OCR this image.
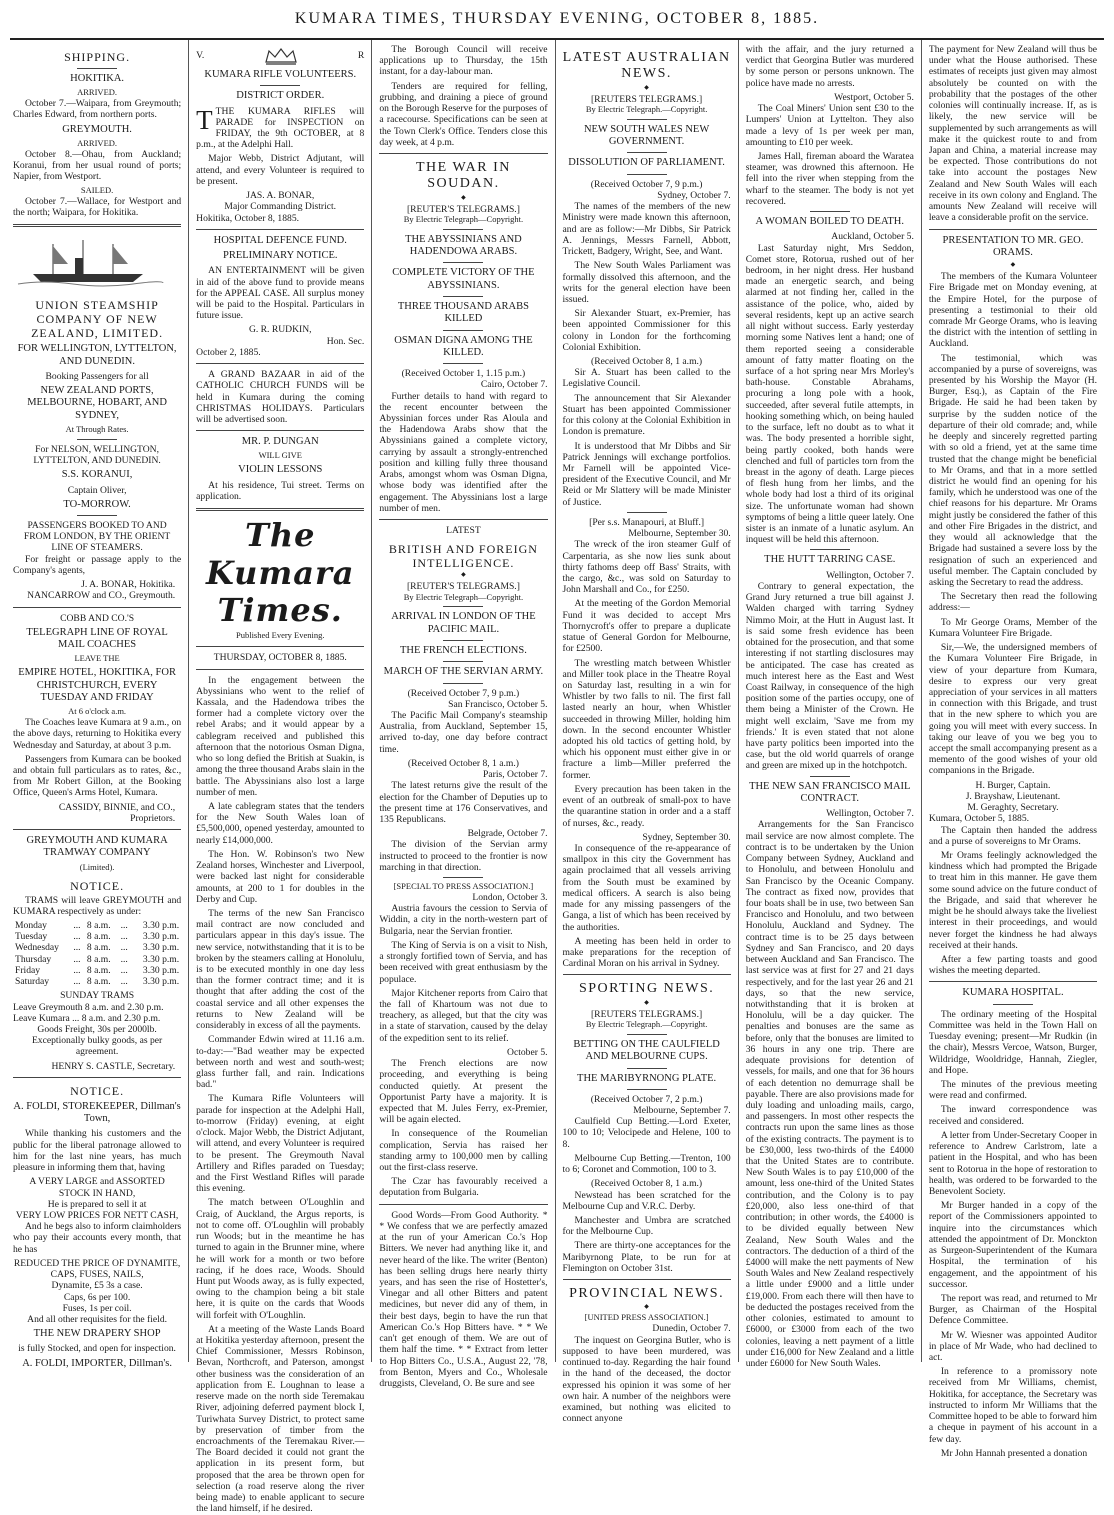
KUMARA TIMES, THURSDAY EVENING, OCTOBER 8, 1885.
SHIPPING.
HOKITIKA.
ARRIVED.

October 7.—Waipara, from Greymouth; Charles Edward, from northern ports.

GREYMOUTH.
ARRIVED.

October 8.—Ohau, from Auckland; Koranui, from her usual round of ports; Napier, from Westport.

SAILED.

October 7.—Wallace, for Westport and the north; Waipara, for Hokitika.

UNION STEAMSHIP COMPANY OF NEW ZEALAND, LIMITED.
FOR WELLINGTON, LYTTELTON, AND DUNEDIN.
Booking Passengers for all
NEW ZEALAND PORTS, MELBOURNE, HOBART, AND SYDNEY,
At Through Rates.
For NELSON, WELLINGTON, LYTTELTON, AND DUNEDIN.
S.S. KORANUI,
Captain Oliver,
TO-MORROW.
PASSENGERS BOOKED TO AND FROM LONDON, BY THE ORIENT LINE OF STEAMERS.

For freight or passage apply to the Company's agents,

J. A. BONAR, Hokitika.
NANCARROW and CO., Greymouth.
COBB AND CO.'S
TELEGRAPH LINE OF ROYAL MAIL COACHES
LEAVE THE
EMPIRE HOTEL, HOKITIKA, FOR CHRISTCHURCH, EVERY TUESDAY AND FRIDAY
At 6 o'clock a.m.

The Coaches leave Kumara at 9 a.m., on the above days, returning to Hokitika every Wednesday and Saturday, at about 3 p.m.

Passengers from Kumara can be booked and obtain full particulars as to rates, &c., from Mr Robert Gillon, at the Booking Office, Queen's Arms Hotel, Kumara.

CASSIDY, BINNIE, and CO., Proprietors.
GREYMOUTH AND KUMARA TRAMWAY COMPANY
(Limited).
NOTICE.

TRAMS will leave GREYMOUTH and KUMARA respectively as under:

Monday	...	8 a.m.	...	3.30 p.m.
Tuesday	...	8 a.m.	...	3.30 p.m.
Wednesday	...	8 a.m.	...	3.30 p.m.
Thursday	...	8 a.m.	...	3.30 p.m.
Friday	...	8 a.m.	...	3.30 p.m.
Saturday	...	8 a.m.	...	3.30 p.m.
SUNDAY TRAMS
Leave Greymouth 8 a.m. and 2.30 p.m.
Leave Kumara ... 8 a.m. and 2.30 p.m.

Goods Freight, 30s per 2000lb. Exceptionally bulky goods, as per agreement.

HENRY S. CASTLE, Secretary.
NOTICE.
A. FOLDI, STOREKEEPER, Dillman's Town,

While thanking his customers and the public for the liberal patronage allowed to him for the last nine years, has much pleasure in informing them that, having

A VERY LARGE and ASSORTED STOCK IN HAND,
He is prepared to sell it at
VERY LOW PRICES FOR NETT CASH,

And he begs also to inform claimholders who pay their accounts every month, that he has

REDUCED THE PRICE OF DYNAMITE, CAPS, FUSES, NAILS,
Dynamite, £5 3s a case.
Caps, 6s per 100.
Fuses, 1s per coil.
And all other requisites for the field.
THE NEW DRAPERY SHOP
is fully Stocked, and open for inspection.
A. FOLDI, IMPORTER, Dillman's.
V.	R
KUMARA RIFLE VOLUNTEERS.
DISTRICT ORDER.

TTHE KUMARA RIFLES will PARADE for INSPECTION on FRIDAY, the 9th OCTOBER, at 8 p.m., at the Adelphi Hall.

Major Webb, District Adjutant, will attend, and every Volunteer is required to be present.

JAS. A. BONAR,
Major Commanding District.
Hokitika, October 8, 1885.
HOSPITAL DEFENCE FUND.
PRELIMINARY NOTICE.

AN ENTERTAINMENT will be given in aid of the above fund to provide means for the APPEAL CASE. All surplus money will be paid to the Hospital. Particulars in future issue.

G. R. RUDKIN,
Hon. Sec.
October 2, 1885.

A GRAND BAZAAR in aid of the CATHOLIC CHURCH FUNDS will be held in Kumara during the coming CHRISTMAS HOLIDAYS. Particulars will be advertised soon.

MR. P. DUNGAN
WILL GIVE
VIOLIN LESSONS

At his residence, Tui street. Terms on application.

The Kumara Times.
Published Every Evening.
THURSDAY, OCTOBER 8, 1885.

In the engagement between the Abyssinians who went to the relief of Kassala, and the Hadendowa tribes the former had a complete victory over the rebel Arabs; and it would appear by a cablegram received and published this afternoon that the notorious Osman Digna, who so long defied the British at Suakin, is among the three thousand Arabs slain in the battle. The Abyssinians also lost a large number of men.

A late cablegram states that the tenders for the New South Wales loan of £5,500,000, opened yesterday, amounted to nearly £14,000,000.

The Hon. W. Robinson's two New Zealand horses, Winchester and Liverpool, were backed last night for considerable amounts, at 200 to 1 for doubles in the Derby and Cup.

The terms of the new San Francisco mail contract are now concluded and particulars appear in this day's issue. The new service, notwithstanding that it is to be broken by the steamers calling at Honolulu, is to be executed monthly in one day less than the former contract time; and it is thought that after adding the cost of the coastal service and all other expenses the returns to New Zealand will be considerably in excess of all the payments.

Commander Edwin wired at 11.16 a.m. to-day:—"Bad weather may be expected between north and west and south-west; glass further fall, and rain. Indications bad."

The Kumara Rifle Volunteers will parade for inspection at the Adelphi Hall, to-morrow (Friday) evening, at eight o'clock. Major Webb, the District Adjutant, will attend, and every Volunteer is required to be present. The Greymouth Naval Artillery and Rifles paraded on Tuesday; and the First Westland Rifles will parade this evening.

The match between O'Loughlin and Craig, of Auckland, the Argus reports, is not to come off. O'Loughlin will probably run Woods; but in the meantime he has turned to again in the Brunner mine, where he will work for a month or two before racing, if he does race, Woods. Should Hunt put Woods away, as is fully expected, owing to the champion being a bit stale here, it is quite on the cards that Woods will forfeit with O'Loughlin.

At a meeting of the Waste Lands Board at Hokitika yesterday afternoon, present the Chief Commissioner, Messrs Robinson, Bevan, Northcroft, and Paterson, amongst other business was the consideration of an application from E. Loughnan to lease a reserve made on the north side Teremakau River, adjoining deferred payment block I, Turiwhata Survey District, to protect same by preservation of timber from the encroachments of the Teremakau River.—The Board decided it could not grant the application in its present form, but proposed that the area be thrown open for selection (a road reserve along the river being made) to enable applicant to secure the land himself, if he desired.

The Borough Council will receive applications up to Thursday, the 15th instant, for a day-labour man.

Tenders are required for felling, grubbing, and draining a piece of ground on the Borough Reserve for the purposes of a racecourse. Specifications can be seen at the Town Clerk's Office. Tenders close this day week, at 4 p.m.

THE WAR IN SOUDAN.
◆
[REUTER'S TELEGRAMS.]
By Electric Telegraph—Copyright.
THE ABYSSINIANS AND HADENDOWA ARABS.
COMPLETE VICTORY OF THE ABYSSINIANS.
THREE THOUSAND ARABS KILLED
OSMAN DIGNA AMONG THE KILLED.
(Received October 1, 1.15 p.m.)
Cairo, October 7.

Further details to hand with regard to the recent encounter between the Abyssinian forces under Ras Aloula and the Hadendowa Arabs show that the Abyssinians gained a complete victory, carrying by assault a strongly-entrenched position and killing fully three thousand Arabs, amongst whom was Osman Digna, whose body was identified after the engagement. The Abyssinians lost a large number of men.

LATEST
BRITISH AND FOREIGN INTELLIGENCE.
◆
[REUTER'S TELEGRAMS.]
By Electric Telegraph—Copyright.
ARRIVAL IN LONDON OF THE PACIFIC MAIL.
THE FRENCH ELECTIONS.
MARCH OF THE SERVIAN ARMY.
(Received October 7, 9 p.m.)
San Francisco, October 5.

The Pacific Mail Company's steamship Australia, from Auckland, September 15, arrived to-day, one day before contract time.

(Received October 8, 1 a.m.)
Paris, October 7.

The latest returns give the result of the election for the Chamber of Deputies up to the present time at 176 Conservatives, and 135 Republicans.

Belgrade, October 7.

The division of the Servian army instructed to proceed to the frontier is now marching in that direction.

[SPECIAL TO PRESS ASSOCIATION.]
London, October 3.

Austria favours the cession to Servia of Widdin, a city in the north-western part of Bulgaria, near the Servian frontier.

The King of Servia is on a visit to Nish, a strongly fortified town of Servia, and has been received with great enthusiasm by the populace.

Major Kitchener reports from Cairo that the fall of Khartoum was not due to treachery, as alleged, but that the city was in a state of starvation, caused by the delay of the expedition sent to its relief.

October 5.

The French elections are now proceeding, and everything is being conducted quietly. At present the Opportunist Party have a majority. It is expected that M. Jules Ferry, ex-Premier, will be again elected.

In consequence of the Roumelian complication, Servia has raised her standing army to 100,000 men by calling out the first-class reserve.

The Czar has favourably received a deputation from Bulgaria.

Good Words—From Good Authority. * * We confess that we are perfectly amazed at the run of your American Co.'s Hop Bitters. We never had anything like it, and never heard of the like. The writer (Benton) has been selling drugs here nearly thirty years, and has seen the rise of Hostetter's, Vinegar and all other Bitters and patent medicines, but never did any of them, in their best days, begin to have the run that American Co.'s Hop Bitters have. * * We can't get enough of them. We are out of them half the time. * * Extract from letter to Hop Bitters Co., U.S.A., August 22, '78, from Benton, Myers and Co., Wholesale druggists, Cleveland, O. Be sure and see

LATEST AUSTRALIAN NEWS.
◆
[REUTERS TELEGRAMS.]
By Electric Telegraph.—Copyright.
NEW SOUTH WALES NEW GOVERNMENT.
DISSOLUTION OF PARLIAMENT.
(Received October 7, 9 p.m.)
Sydney, October 7.

The names of the members of the new Ministry were made known this afternoon, and are as follow:—Mr Dibbs, Sir Patrick A. Jennings, Messrs Farnell, Abbott, Trickett, Badgery, Wright, See, and Want.

The New South Wales Parliament was formally dissolved this afternoon, and the writs for the general election have been issued.

Sir Alexander Stuart, ex-Premier, has been appointed Commissioner for this colony in London for the forthcoming Colonial Exhibition.

(Received October 8, 1 a.m.)

Sir A. Stuart has been called to the Legislative Council.

The announcement that Sir Alexander Stuart has been appointed Commissioner for this colony at the Colonial Exhibition in London is premature.

It is understood that Mr Dibbs and Sir Patrick Jennings will exchange portfolios. Mr Farnell will be appointed Vice-president of the Executive Council, and Mr Reid or Mr Slattery will be made Minister of Justice.

[Per s.s. Manapouri, at Bluff.]
Melbourne, September 30.

The wreck of the iron steamer Gulf of Carpentaria, as she now lies sunk about thirty fathoms deep off Bass' Straits, with the cargo, &c., was sold on Saturday to John Marshall and Co., for £250.

At the meeting of the Gordon Memorial Fund it was decided to accept Mrs Thornycroft's offer to prepare a duplicate statue of General Gordon for Melbourne, for £2500.

The wrestling match between Whistler and Miller took place in the Theatre Royal on Saturday last, resulting in a win for Whistler by two falls to nil. The first fall lasted nearly an hour, when Whistler succeeded in throwing Miller, holding him down. In the second encounter Whistler adopted his old tactics of getting hold, by which his opponent must either give in or fracture a limb—Miller preferred the former.

Every precaution has been taken in the event of an outbreak of small-pox to have the quarantine station in order and a a staff of nurses, &c., ready.

Sydney, September 30.

In consequence of the re-appearance of smallpox in this city the Government has again proclaimed that all vessels arriving from the South must be examined by medical officers. A search is also being made for any missing passengers of the Ganga, a list of which has been received by the authorities.

A meeting has been held in order to make preparations for the reception of Cardinal Moran on his arrival in Sydney.

SPORTING NEWS.
◆
[REUTERS TELEGRAMS.]
By Electric Telegraph.—Copyright.
BETTING ON THE CAULFIELD AND MELBOURNE CUPS.
THE MARIBYRNONG PLATE.
(Received October 7, 2 p.m.)
Melbourne, September 7.

Caulfield Cup Betting.—Lord Exeter, 100 to 10; Velocipede and Helene, 100 to 8.

Melbourne Cup Betting.—Trenton, 100 to 6; Coronet and Commotion, 100 to 3.

(Received October 8, 1 a.m.)

Newstead has been scratched for the Melbourne Cup and V.R.C. Derby.

Manchester and Umbra are scratched for the Melbourne Cup.

There are thirty-one acceptances for the Maribyrnong Plate, to be run for at Flemington on October 31st.

PROVINCIAL NEWS.
◆
[UNITED PRESS ASSOCIATION.]
Dunedin, October 7.

The inquest on Georgina Butler, who is supposed to have been murdered, was continued to-day. Regarding the hair found in the hand of the deceased, the doctor expressed his opinion it was some of her own hair. A number of the neighbors were examined, but nothing was elicited to connect anyone

with the affair, and the jury returned a verdict that Georgina Butler was murdered by some person or persons unknown. The police have made no arrests.

Westport, October 5.

The Coal Miners' Union sent £30 to the Lumpers' Union at Lyttelton. They also made a levy of 1s per week per man, amounting to £10 per week.

James Hall, fireman aboard the Waratea steamer, was drowned this afternoon. He fell into the river when stepping from the wharf to the steamer. The body is not yet recovered.

A WOMAN BOILED TO DEATH.
Auckland, October 5.

Last Saturday night, Mrs Seddon, Comet store, Rotorua, rushed out of her bedroom, in her night dress. Her husband made an energetic search, and being alarmed at not finding her, called in the assistance of the police, who, aided by several residents, kept up an active search all night without success. Early yesterday morning some Natives lent a hand; one of them reported seeing a considerable amount of fatty matter floating on the surface of a hot spring near Mrs Morley's bath-house. Constable Abrahams, procuring a long pole with a hook, succeeded, after several futile attempts, in hooking something which, on being hauled to the surface, left no doubt as to what it was. The body presented a horrible sight, being partly cooked, both hands were clenched and full of particles torn from the breast in the agony of death. Large pieces of flesh hung from her limbs, and the whole body had lost a third of its original size. The unfortunate woman had shown symptoms of being a little queer lately. One sister is an inmate of a lunatic asylum. An inquest will be held this afternoon.

THE HUTT TARRING CASE.
Wellington, October 7.

Contrary to general expectation, the Grand Jury returned a true bill against J. Walden charged with tarring Sydney Nimmo Moir, at the Hutt in August last. It is said some fresh evidence has been obtained for the prosecution, and that some interesting if not startling disclosures may be anticipated. The case has created as much interest here as the East and West Coast Railway, in consequence of the high position some of the parties occupy, one of them being a Minister of the Crown. He might well exclaim, 'Save me from my friends.' It is even stated that not alone have party politics been imported into the case, but the old world quarrels of orange and green are mixed up in the hotchpotch.

THE NEW SAN FRANCISCO MAIL CONTRACT.
Wellington, October 7.

Arrangements for the San Francisco mail service are now almost complete. The contract is to be undertaken by the Union Company between Sydney, Auckland and to Honolulu, and between Honolulu and San Francisco by the Oceanic Company. The contract as fixed now, provides that four boats shall be in use, two between San Francisco and Honolulu, and two between Honolulu, Auckland and Sydney. The contract time is to be 25 days between Sydney and San Francisco, and 20 days between Auckland and San Francisco. The last service was at first for 27 and 21 days respectively, and for the last year 26 and 21 days, so that the new service, notwithstanding that it is broken at Honolulu, will be a day quicker. The penalties and bonuses are the same as before, only that the bonuses are limited to 36 hours in any one trip. There are adequate provisions for detention of vessels, for mails, and one that for 36 hours of each detention no demurrage shall be payable. There are also provisions made for duly loading and unloading mails, cargo, and passengers. In most other respects the contracts run upon the same lines as those of the existing contracts. The payment is to be £30,000, less two-thirds of the £4000 that the United States are to contribute. New South Wales is to pay £10,000 of the amount, less one-third of the United States contribution, and the Colony is to pay £20,000, also less one-third of that contribution; in other words, the £4000 is to be divided equally between New Zealand, New South Wales and the contractors. The deduction of a third of the £4000 will make the nett payments of New South Wales and New Zealand respectively a little under £9000 and a little under £19,000. From each there will then have to be deducted the postages received from the other colonies, estimated to amount to £6000, or £3000 from each of the two colonies, leaving a nett payment of a little under £16,000 for New Zealand and a little under £6000 for New South Wales.

The payment for New Zealand will thus be under what the House authorised. These estimates of receipts just given may almost absolutely be counted on with the probability that the postages of the other colonies will continually increase. If, as is likely, the new service will be supplemented by such arrangements as will make it the quickest route to and from Japan and China, a material increase may be expected. Those contributions do not take into account the postages New Zealand and New South Wales will each receive in its own colony and England. The amounts New Zealand will receive will leave a considerable profit on the service.

PRESENTATION TO MR. GEO. ORAMS.
◆

The members of the Kumara Volunteer Fire Brigade met on Monday evening, at the Empire Hotel, for the purpose of presenting a testimonial to their old comrade Mr George Orams, who is leaving the district with the intention of settling in Auckland.

The testimonial, which was accompanied by a purse of sovereigns, was presented by his Worship the Mayor (H. Burger, Esq.), as Captain of the Fire Brigade. He said he had been taken by surprise by the sudden notice of the departure of their old comrade; and, while he deeply and sincerely regretted parting with so old a friend, yet at the same time trusted that the change might be beneficial to Mr Orams, and that in a more settled district he would find an opening for his family, which he understood was one of the chief reasons for his departure. Mr Orams might justly be considered the father of this and other Fire Brigades in the district, and they would all acknowledge that the Brigade had sustained a severe loss by the resignation of such an experienced and useful member. The Captain concluded by asking the Secretary to read the address.

The Secretary then read the following address:—

To Mr George Orams, Member of the Kumara Volunteer Fire Brigade.

Sir,—We, the undersigned members of the Kumara Volunteer Fire Brigade, in view of your departure from Kumara, desire to express our very great appreciation of your services in all matters in connection with this Brigade, and trust that in the new sphere to which you are going you will meet with every success. In taking our leave of you we beg you to accept the small accompanying present as a memento of the good wishes of your old companions in the Brigade.

H. Burger, Captain.
J. Brayshaw, Lieutenant.
M. Geraghty, Secretary.
Kumara, October 5, 1885.

The Captain then handed the address and a purse of sovereigns to Mr Orams.

Mr Orams feelingly acknowledged the kindness which had prompted the Brigade to treat him in this manner. He gave them some sound advice on the future conduct of the Brigade, and said that wherever he might be he should always take the liveliest interest in their proceedings, and would never forget the kindness he had always received at their hands.

After a few parting toasts and good wishes the meeting departed.

KUMARA HOSPITAL.

The ordinary meeting of the Hospital Committee was held in the Town Hall on Tuesday evening; present—Mr Rudkin (in the chair), Messrs Vercoe, Watson, Burger, Wildridge, Wooldridge, Hannah, Ziegler, and Hope.

The minutes of the previous meeting were read and confirmed.

The inward correspondence was received and considered.

A letter from Under-Secretary Cooper in reference to Andrew Carlstrom, late a patient in the Hospital, and who has been sent to Rotorua in the hope of restoration to health, was ordered to be forwarded to the Benevolent Society.

Mr Burger handed in a copy of the report of the Commissioners appointed to inquire into the circumstances which attended the appointment of Dr. Monckton as Surgeon-Superintendent of the Kumara Hospital, the termination of his engagement, and the appointment of his successor.

The report was read, and returned to Mr Burger, as Chairman of the Hospital Defence Committee.

Mr W. Wiesner was appointed Auditor in place of Mr Wade, who had declined to act.

In reference to a promissory note received from Mr Williams, chemist, Hokitika, for acceptance, the Secretary was instructed to inform Mr Williams that the Committee hoped to be able to forward him a cheque in payment of his account in a few day.

Mr John Hannah presented a donation
